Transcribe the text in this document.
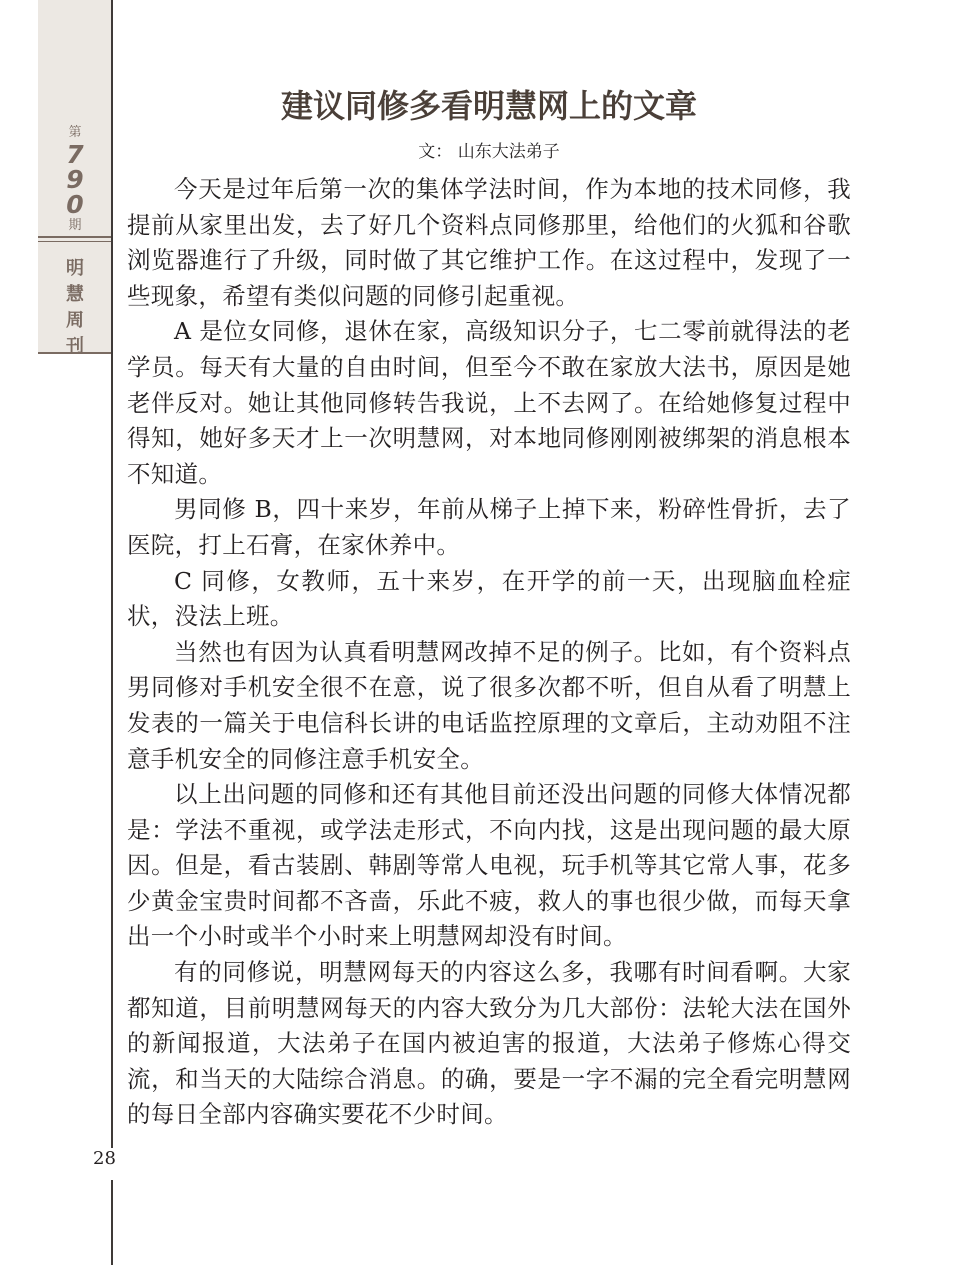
第
7
9
0
期
明
慧
周
刊
28
建议同修多看明慧网上的文章
文： 山东大法弟子

今天是过年后第一次的集体学法时间，作为本地的技术同修，我提前从家里出发，去了好几个资料点同修那里，给他们的火狐和谷歌浏览器進行了升级，同时做了其它维护工作。在这过程中，发现了一些现象，希望有类似问题的同修引起重视。

A 是位女同修，退休在家，高级知识分子，七二零前就得法的老学员。每天有大量的自由时间，但至今不敢在家放大法书，原因是她老伴反对。她让其他同修转告我说，上不去网了。在给她修复过程中得知，她好多天才上一次明慧网，对本地同修刚刚被绑架的消息根本不知道。

男同修 B，四十来岁，年前从梯子上掉下来，粉碎性骨折，去了医院，打上石膏，在家休养中。

C 同修，女教师，五十来岁，在开学的前一天，出现脑血栓症状，没法上班。

当然也有因为认真看明慧网改掉不足的例子。比如，有个资料点男同修对手机安全很不在意，说了很多次都不听，但自从看了明慧上发表的一篇关于电信科长讲的电话监控原理的文章后，主动劝阻不注意手机安全的同修注意手机安全。

以上出问题的同修和还有其他目前还没出问题的同修大体情况都是：学法不重视，或学法走形式，不向内找，这是出现问题的最大原因。但是，看古装剧、韩剧等常人电视，玩手机等其它常人事，花多少黄金宝贵时间都不吝啬，乐此不疲，救人的事也很少做，而每天拿出一个小时或半个小时来上明慧网却没有时间。

有的同修说，明慧网每天的内容这么多，我哪有时间看啊。大家都知道，目前明慧网每天的内容大致分为几大部份：法轮大法在国外的新闻报道，大法弟子在国内被迫害的报道，大法弟子修炼心得交流，和当天的大陆综合消息。的确，要是一字不漏的完全看完明慧网的每日全部内容确实要花不少时间。
